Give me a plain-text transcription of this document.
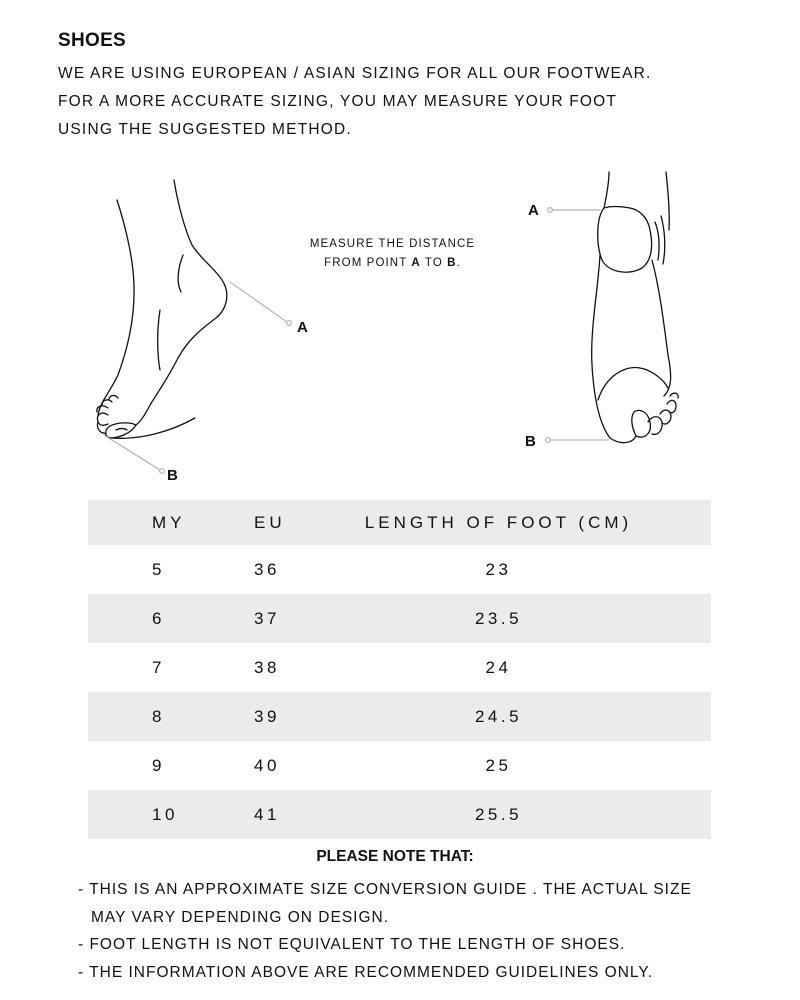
SHOES
WE ARE USING EUROPEAN / ASIAN SIZING FOR ALL OUR FOOTWEAR.
FOR A MORE ACCURATE SIZING, YOU MAY MEASURE YOUR FOOT
USING THE SUGGESTED METHOD.
MEASURE THE DISTANCE
FROM POINT A TO B.
A
B
A
B
MY	EU	LENGTH OF FOOT (CM)
5	36	23
6	37	23.5
7	38	24
8	39	24.5
9	40	25
10	41	25.5
PLEASE NOTE THAT:
- THIS IS AN APPROXIMATE SIZE CONVERSION GUIDE . THE ACTUAL SIZE
MAY VARY DEPENDING ON DESIGN.
- FOOT LENGTH IS NOT EQUIVALENT TO THE LENGTH OF SHOES.
- THE INFORMATION ABOVE ARE RECOMMENDED GUIDELINES ONLY.
